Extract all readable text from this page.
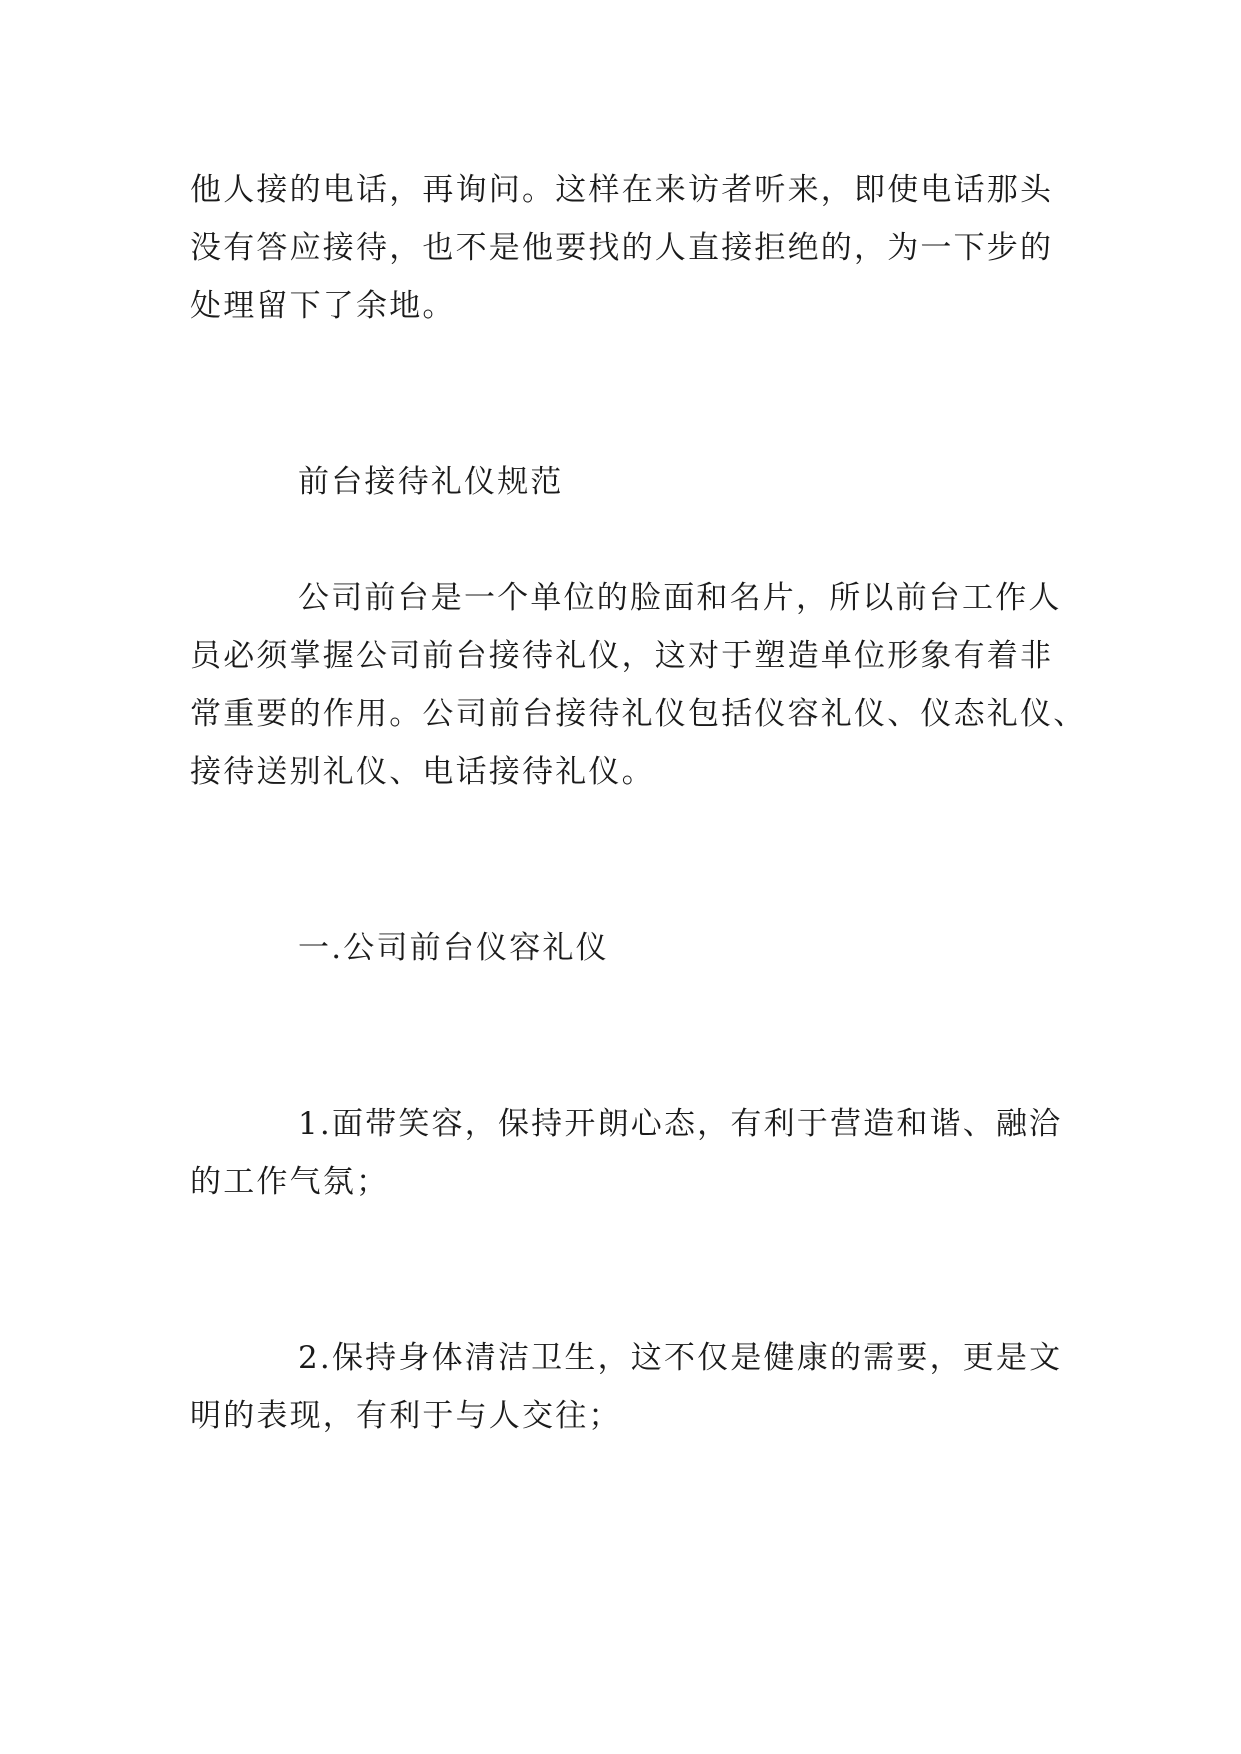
他人接的电话，再询问。这样在来访者听来，即使电话那头
没有答应接待，也不是他要找的人直接拒绝的，为一下步的
处理留下了余地。
前台接待礼仪规范
公司前台是一个单位的脸面和名片，所以前台工作人
员必须掌握公司前台接待礼仪，这对于塑造单位形象有着非
常重要的作用。公司前台接待礼仪包括仪容礼仪、仪态礼仪、
接待送别礼仪、电话接待礼仪。
一.公司前台仪容礼仪
1.面带笑容，保持开朗心态，有利于营造和谐、融洽
的工作气氛；
2.保持身体清洁卫生，这不仅是健康的需要，更是文
明的表现，有利于与人交往；
